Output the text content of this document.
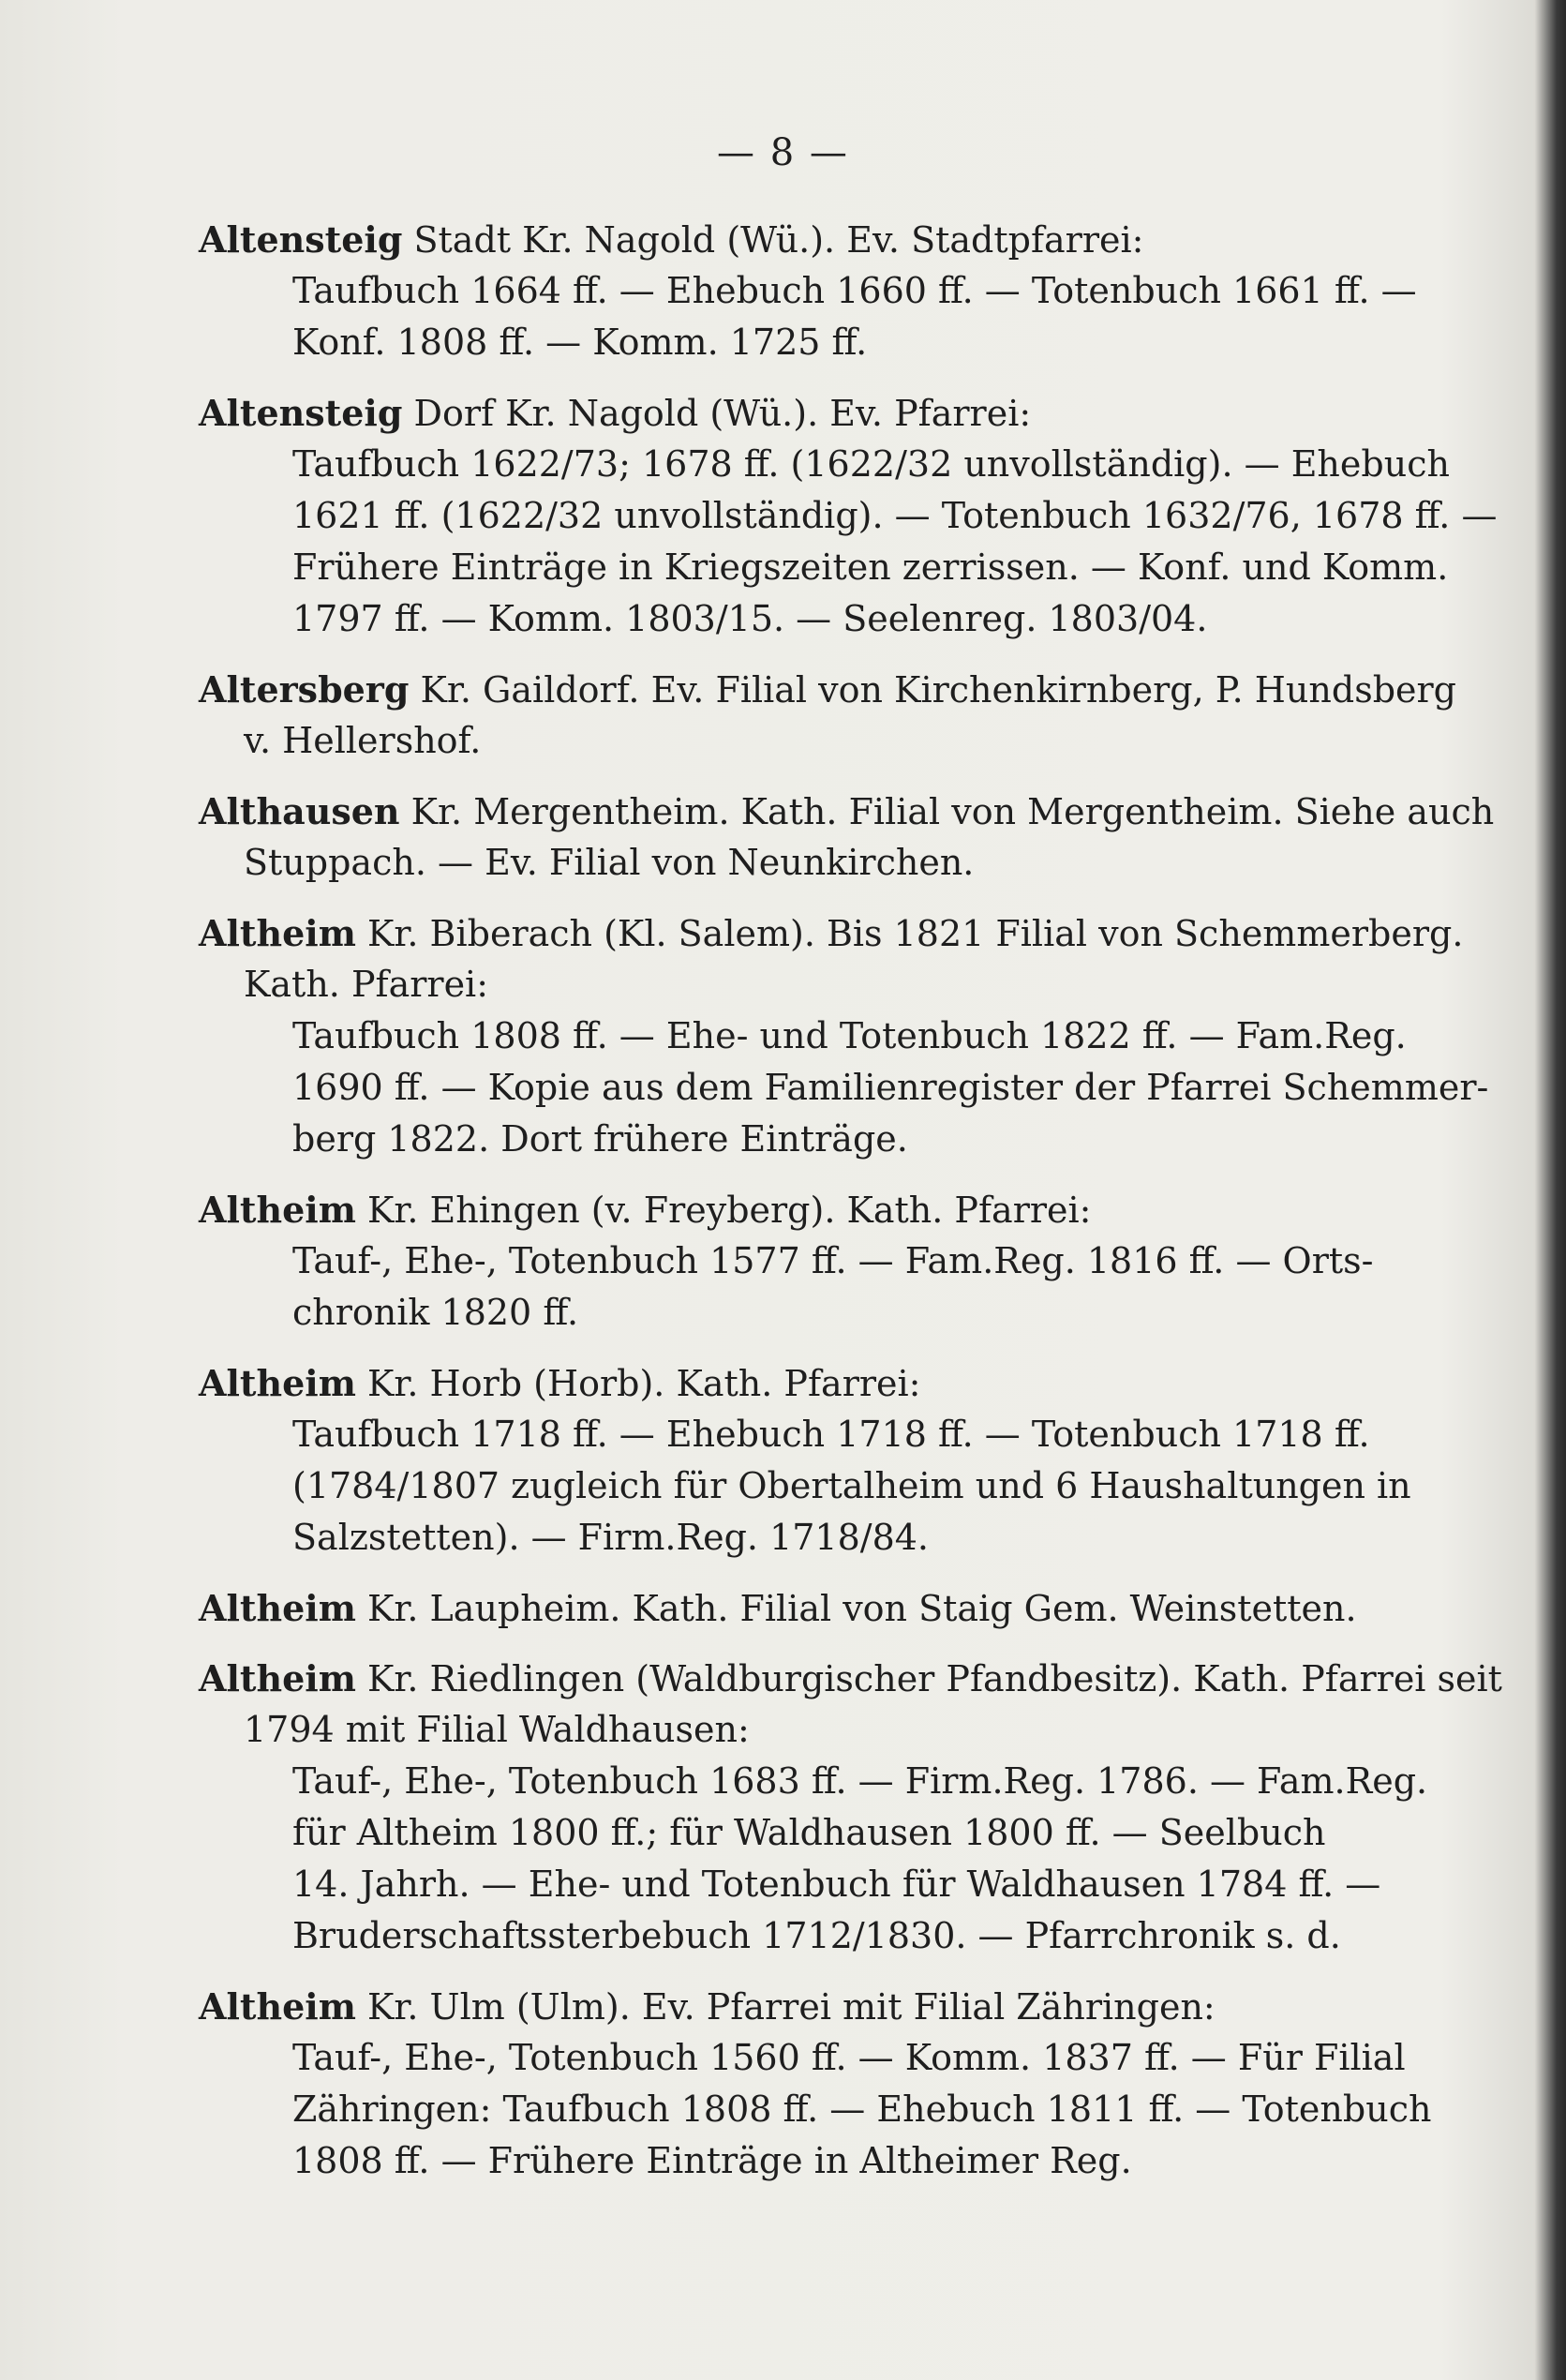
— 8 —
Altensteig Stadt Kr. Nagold (Wü.). Ev. Stadtpfarrei:
Taufbuch 1664 ff. — Ehebuch 1660 ff. — Totenbuch 1661 ff. —
Konf. 1808 ff. — Komm. 1725 ff.
Altensteig Dorf Kr. Nagold (Wü.). Ev. Pfarrei:
Taufbuch 1622/73; 1678 ff. (1622/32 unvollständig). — Ehebuch
1621 ff. (1622/32 unvollständig). — Totenbuch 1632/76, 1678 ff. —
Frühere Einträge in Kriegszeiten zerrissen. — Konf. und Komm.
1797 ff. — Komm. 1803/15. — Seelenreg. 1803/04.
Altersberg Kr. Gaildorf. Ev. Filial von Kirchenkirnberg, P. Hundsberg
v. Hellershof.
Althausen Kr. Mergentheim. Kath. Filial von Mergentheim. Siehe auch
Stuppach. — Ev. Filial von Neunkirchen.
Altheim Kr. Biberach (Kl. Salem). Bis 1821 Filial von Schemmerberg.
Kath. Pfarrei:
Taufbuch 1808 ff. — Ehe- und Totenbuch 1822 ff. — Fam.Reg.
1690 ff. — Kopie aus dem Familienregister der Pfarrei Schemmer-
berg 1822. Dort frühere Einträge.
Altheim Kr. Ehingen (v. Freyberg). Kath. Pfarrei:
Tauf-, Ehe-, Totenbuch 1577 ff. — Fam.Reg. 1816 ff. — Orts-
chronik 1820 ff.
Altheim Kr. Horb (Horb). Kath. Pfarrei:
Taufbuch 1718 ff. — Ehebuch 1718 ff. — Totenbuch 1718 ff.
(1784/1807 zugleich für Obertalheim und 6 Haushaltungen in
Salzstetten). — Firm.Reg. 1718/84.
Altheim Kr. Laupheim. Kath. Filial von Staig Gem. Weinstetten.
Altheim Kr. Riedlingen (Waldburgischer Pfandbesitz). Kath. Pfarrei seit
1794 mit Filial Waldhausen:
Tauf-, Ehe-, Totenbuch 1683 ff. — Firm.Reg. 1786. — Fam.Reg.
für Altheim 1800 ff.; für Waldhausen 1800 ff. — Seelbuch
14. Jahrh. — Ehe- und Totenbuch für Waldhausen 1784 ff. —
Bruderschaftssterbebuch 1712/1830. — Pfarrchronik s. d.
Altheim Kr. Ulm (Ulm). Ev. Pfarrei mit Filial Zähringen:
Tauf-, Ehe-, Totenbuch 1560 ff. — Komm. 1837 ff. — Für Filial
Zähringen: Taufbuch 1808 ff. — Ehebuch 1811 ff. — Totenbuch
1808 ff. — Frühere Einträge in Altheimer Reg.
